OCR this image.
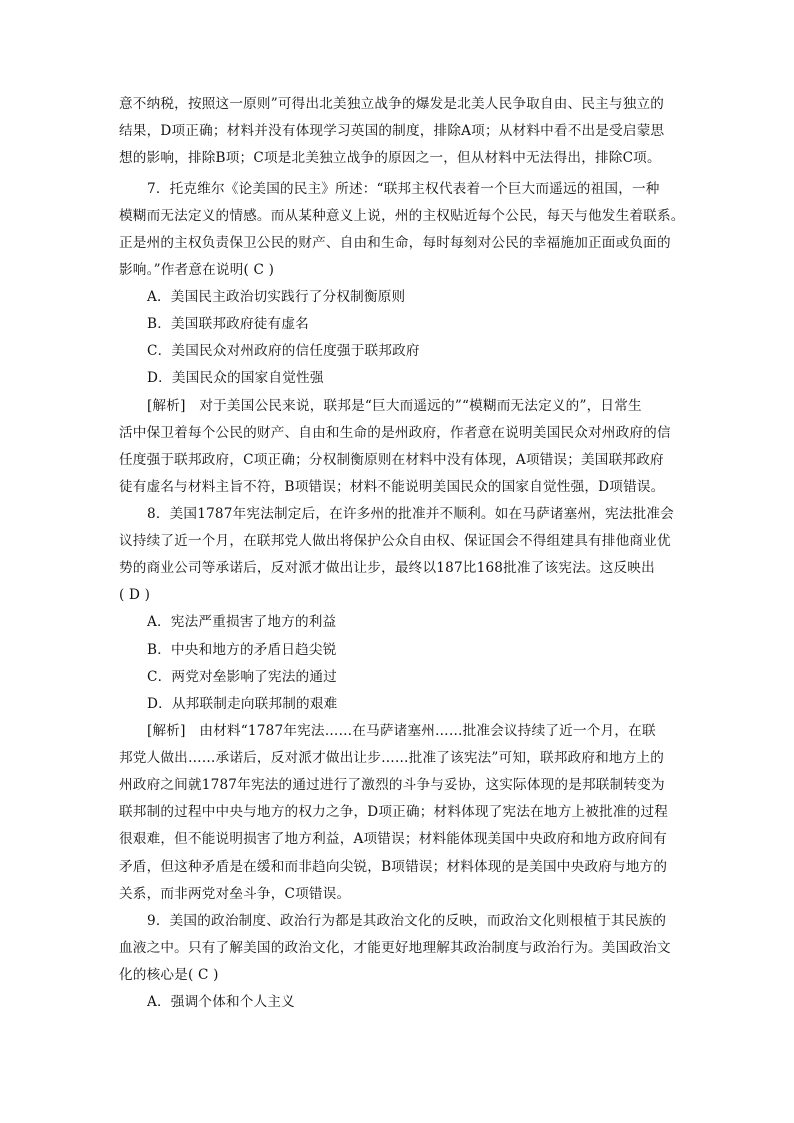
意不纳税，按照这一原则”可得出北美独立战争的爆发是北美人民争取自由、民主与独立的
结果，D项正确；材料并没有体现学习英国的制度，排除A项；从材料中看不出是受启蒙思
想的影响，排除B项；C项是北美独立战争的原因之一，但从材料中无法得出，排除C项。
7．托克维尔《论美国的民主》所述：“联邦主权代表着一个巨大而遥远的祖国，一种
模糊而无法定义的情感。而从某种意义上说，州的主权贴近每个公民，每天与他发生着联系。
正是州的主权负责保卫公民的财产、自由和生命，每时每刻对公民的幸福施加正面或负面的
影响。”作者意在说明( C )
A．美国民主政治切实践行了分权制衡原则
B．美国联邦政府徒有虚名
C．美国民众对州政府的信任度强于联邦政府
D．美国民众的国家自觉性强
[解析]　对于美国公民来说，联邦是“巨大而遥远的”“模糊而无法定义的”，日常生
活中保卫着每个公民的财产、自由和生命的是州政府，作者意在说明美国民众对州政府的信
任度强于联邦政府，C项正确；分权制衡原则在材料中没有体现，A项错误；美国联邦政府
徒有虚名与材料主旨不符，B项错误；材料不能说明美国民众的国家自觉性强，D项错误。
8．美国1787年宪法制定后，在许多州的批准并不顺利。如在马萨诸塞州，宪法批准会
议持续了近一个月，在联邦党人做出将保护公众自由权、保证国会不得组建具有排他商业优
势的商业公司等承诺后，反对派才做出让步，最终以187比168批准了该宪法。这反映出
( D )
A．宪法严重损害了地方的利益
B．中央和地方的矛盾日趋尖锐
C．两党对垒影响了宪法的通过
D．从邦联制走向联邦制的艰难
[解析]　由材料“1787年宪法……在马萨诸塞州……批准会议持续了近一个月，在联
邦党人做出……承诺后，反对派才做出让步……批准了该宪法”可知，联邦政府和地方上的
州政府之间就1787年宪法的通过进行了激烈的斗争与妥协，这实际体现的是邦联制转变为
联邦制的过程中中央与地方的权力之争，D项正确；材料体现了宪法在地方上被批准的过程
很艰难，但不能说明损害了地方利益，A项错误；材料能体现美国中央政府和地方政府间有
矛盾，但这种矛盾是在缓和而非趋向尖锐，B项错误；材料体现的是美国中央政府与地方的
关系，而非两党对垒斗争，C项错误。
9．美国的政治制度、政治行为都是其政治文化的反映，而政治文化则根植于其民族的
血液之中。只有了解美国的政治文化，才能更好地理解其政治制度与政治行为。美国政治文
化的核心是( C )
A．强调个体和个人主义
